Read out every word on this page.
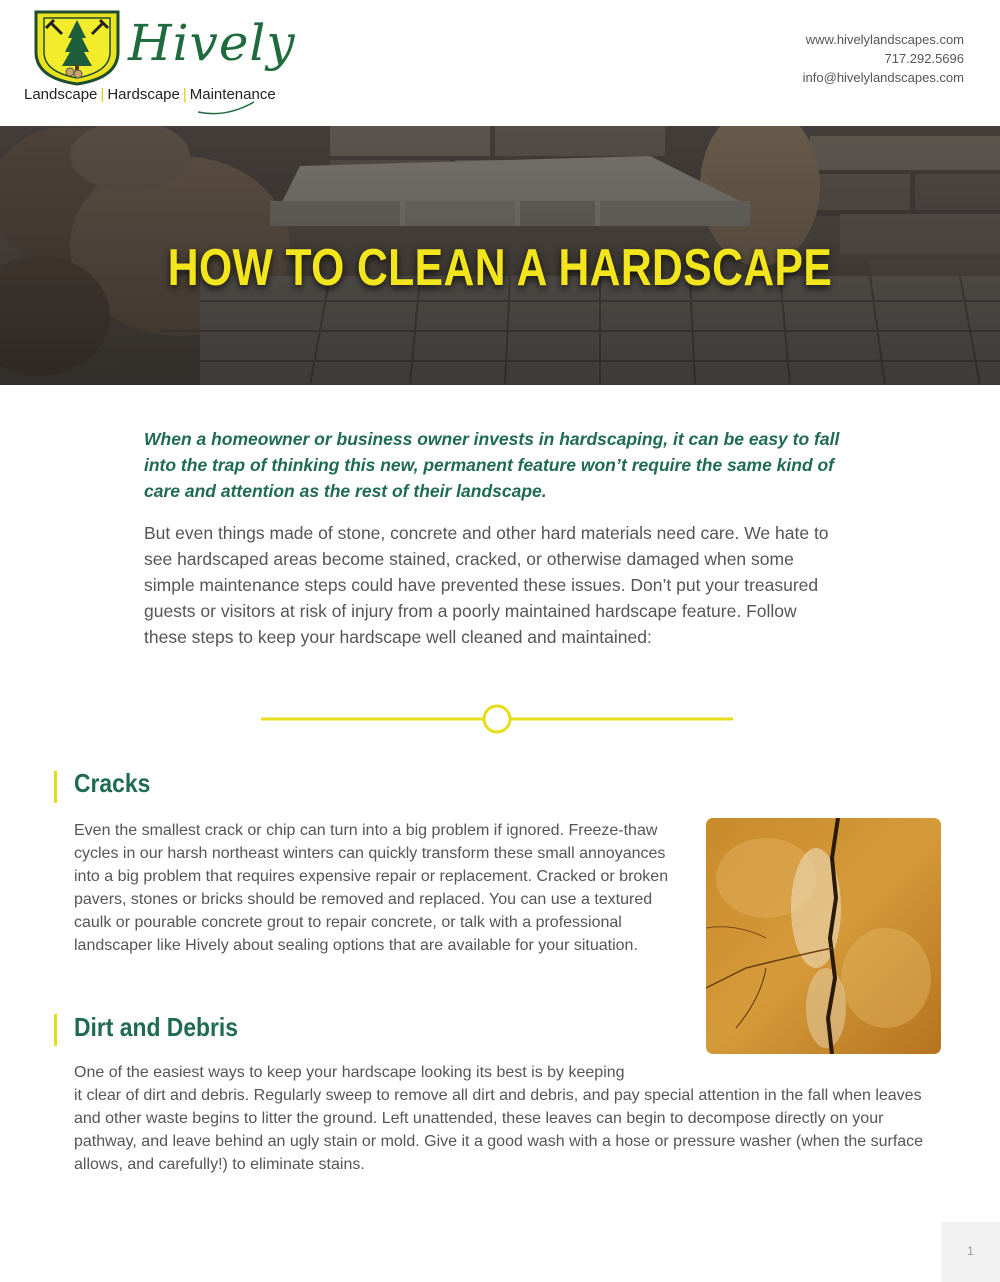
Hively
Landscape | Hardscape | Maintenance
www.hivelylandscapes.com
717.292.5696
info@hivelylandscapes.com
HOW TO CLEAN A HARDSCAPE
When a homeowner or business owner invests in hardscaping, it can be easy to fall into the trap of thinking this new, permanent feature won’t require the same kind of care and attention as the rest of their landscape.
But even things made of stone, concrete and other hard materials need care. We hate to see hardscaped areas become stained, cracked, or otherwise damaged when some simple maintenance steps could have prevented these issues. Don’t put your treasured guests or visitors at risk of injury from a poorly maintained hardscape feature. Follow these steps to keep your hardscape well cleaned and maintained:
Cracks
Even the smallest crack or chip can turn into a big problem if ignored. Freeze-thaw cycles in our harsh northeast winters can quickly transform these small annoyances into a big problem that requires expensive repair or replacement. Cracked or broken pavers, stones or bricks should be removed and replaced. You can use a textured caulk or pourable concrete grout to repair concrete, or talk with a professional landscaper like Hively about sealing options that are available for your situation.
Dirt and Debris
One of the easiest ways to keep your hardscape looking its best is by keeping
it clear of dirt and debris. Regularly sweep to remove all dirt and debris, and pay special attention in the fall when leaves and other waste begins to litter the ground. Left unattended, these leaves can begin to decompose directly on your pathway, and leave behind an ugly stain or mold. Give it a good wash with a hose or pressure washer (when the surface allows, and carefully!) to eliminate stains.
1
